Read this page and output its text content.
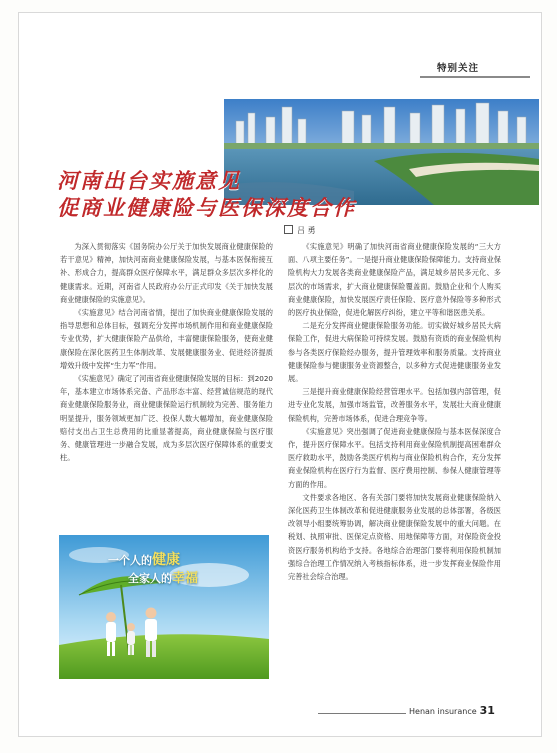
特别关注
河南出台实施意见
促商业健康险与医保深度合作
吕 勇

为深入贯彻落实《国务院办公厅关于加快发展商业健康保险的若干意见》精神，加快河南商业健康保险发展，与基本医保衔接互补、形成合力，提高群众医疗保障水平，满足群众多层次多样化的健康需求。近期，河南省人民政府办公厅正式印发《关于加快发展商业健康保险的实施意见》。

《实施意见》结合河南省情，提出了加快商业健康保险发展的指导思想和总体目标，强调充分发挥市场机制作用和商业健康保险专业优势，扩大健康保险产品供给，丰富健康保险服务，使商业健康保险在深化医药卫生体制改革、发展健康服务业、促进经济提质增效升级中发挥“生力军”作用。

《实施意见》确定了河南省商业健康保险发展的目标：到2020年，基本建立市场体系完备、产品形态丰富、经营诚信规范的现代商业健康保险服务业，商业健康保险运行机制较为完善、服务能力明显提升，服务领域更加广泛、投保人数大幅增加，商业健康保险赔付支出占卫生总费用的比重显著提高，商业健康保险与医疗服务、健康管理进一步融合发展，成为多层次医疗保障体系的重要支柱。

《实施意见》明确了加快河南省商业健康保险发展的“三大方面、八项主要任务”。一是提升商业健康保险保障能力。支持商业保险机构大力发展各类商业健康保险产品，满足城乡居民多元化、多层次的市场需求，扩大商业健康保险覆盖面。鼓励企业和个人购买商业健康保险，加快发展医疗责任保险、医疗意外保险等多种形式的医疗执业保险，促进化解医疗纠纷，建立平等和谐医患关系。

二是充分发挥商业健康保险服务功能。切实做好城乡居民大病保险工作，促进大病保险可持续发展。鼓励有资质的商业保险机构参与各类医疗保险经办服务，提升管理效率和服务质量。支持商业健康保险参与健康服务业资源整合，以多种方式促进健康服务业发展。

三是提升商业健康保险经营管理水平。包括加强内部管理，促进专业化发展，加强市场监管，改善服务水平，发展壮大商业健康保险机构，完善市场体系，促进合理竞争等。

《实施意见》突出强调了促进商业健康保险与基本医保深度合作，提升医疗保障水平。包括支持利用商业保险机制提高困难群众医疗救助水平，鼓励各类医疗机构与商业保险机构合作，充分发挥商业保险机构在医疗行为监督、医疗费用控制、参保人健康管理等方面的作用。

文件要求各地区、各有关部门要将加快发展商业健康保险纳入深化医药卫生体制改革和促进健康服务业发展的总体部署，各级医改领导小组要统筹协调，解决商业健康保险发展中的重大问题。在税划、执照审批、医保定点资格、用地保障等方面，对保险资金投资医疗服务机构给予支持。各地综合治理部门要将利用保险机制加强综合治理工作情况纳入考核指标体系，进一步发挥商业保险作用完善社会综合治理。

一个人的健康
全家人的幸福
Henan insurance 31
